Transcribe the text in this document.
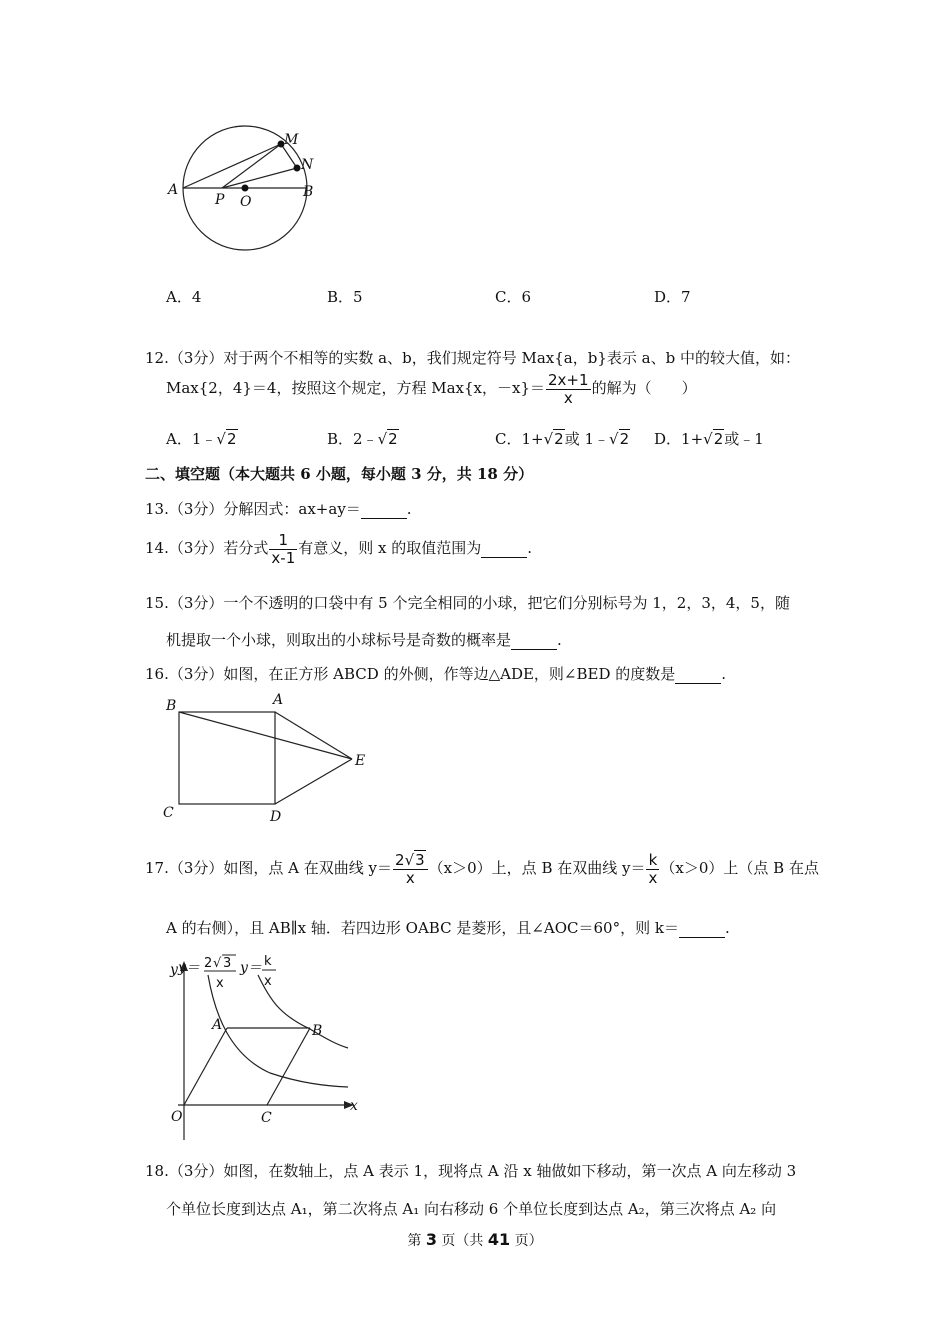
M
N
A	B
P O
A．4	B．5	C．6	D．7
12.（3分）对于两个不相等的实数 a、b，我们规定符号 Max{a，b}表示 a、b 中的较大值，如：
Max{2，4}＝4，按照这个规定，方程 Max{x，$-x\}= \frac{2x+1}{x}$ 的解为（　　）
A．1﹣√2	B．2﹣√2	C．1+√2或 1﹣√2 D．1+√2或﹣1
二、填空题（本大题共 6 小题，每小题 3 分，共 18 分）
13.（3分）分解因式：ax+ay＝	.
14.（3分）若分式 $\frac{1}{x-1}$ 有意义，则 x 的取值范围为	.
15.（3分）一个不透明的口袋中有 5 个完全相同的小球，把它们分别标号为 1，2，3，4，5，随
机提取一个小球，则取出的小球标号是奇数的概率是	.
16.（3分）如图，在正方形 ABCD 的外侧，作等边△ADE，则∠BED 的度数是	.
B	A
E
C	D
17.（3分）如图，点 A 在双曲线 $y= \frac{2√3}{x} (x>0)$上，点 B 在双曲线 $y= \frac{k}{x} (x>0)$上（点 B 在点
A 的右侧），且 AB∥x 轴．若四边形 OABC 是菱形，且∠AOC＝60°，则 k＝	.
y y＝ 2 √ 3
x
y＝ k
x
A	B
O	C
x
18.（3分）如图，在数轴上，点 A 表示 1，现将点 A 沿 x 轴做如下移动，第一次点 A 向左移动 3
个单位长度到达点 A₁，第二次将点 A₁ 向右移动 6 个单位长度到达点 A₂，第三次将点 A₂ 向
第 3 页（共 41 页）
